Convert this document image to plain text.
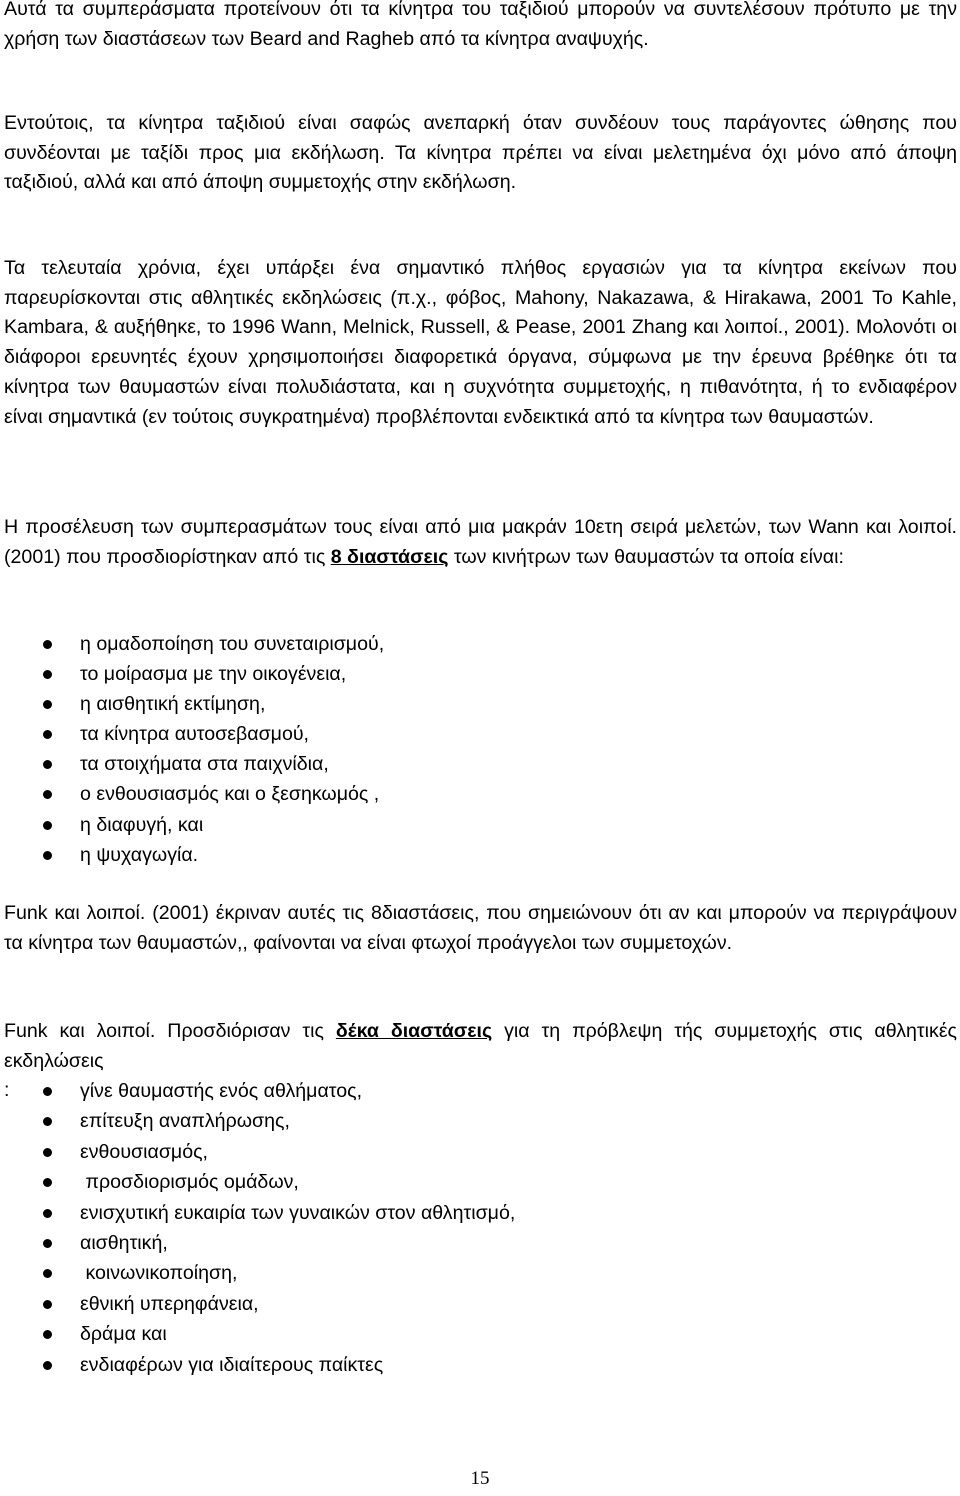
Αυτά τα συμπεράσματα προτείνουν ότι τα κίνητρα του ταξιδιού μπορούν να συντελέσουν πρότυπο με την χρήση των διαστάσεων των Beard and Ragheb από τα κίνητρα αναψυχής.

Εντούτοις, τα κίνητρα ταξιδιού είναι σαφώς ανεπαρκή όταν συνδέουν τους παράγοντες ώθησης που συνδέονται με ταξίδι προς μια εκδήλωση. Τα κίνητρα πρέπει να είναι μελετημένα όχι μόνο από άποψη ταξιδιού, αλλά και από άποψη συμμετοχής στην εκδήλωση.

Τα τελευταία χρόνια, έχει υπάρξει ένα σημαντικό πλήθος εργασιών για τα κίνητρα εκείνων που παρευρίσκονται στις αθλητικές εκδηλώσεις (π.χ., φόβος, Mahony, Nakazawa, & Hirakawa, 2001 To Kahle, Kambara, & αυξήθηκε, το 1996 Wann, Melnick, Russell, & Pease, 2001 Zhang και λοιποί., 2001). Μολονότι οι διάφοροι ερευνητές έχουν χρησιμοποιήσει διαφορετικά όργανα, σύμφωνα με την έρευνα βρέθηκε ότι τα κίνητρα των θαυμαστών είναι πολυδιάστατα, και η συχνότητα συμμετοχής, η πιθανότητα, ή το ενδιαφέρον είναι σημαντικά (εν τούτοις συγκρατημένα) προβλέπονται ενδεικτικά από τα κίνητρα των θαυμαστών.

Η προσέλευση των συμπερασμάτων τους είναι από μια μακράν 10ετη σειρά μελετών, των Wann και λοιποί. (2001) που προσδιορίστηκαν από τις 8 διαστάσεις των κινήτρων των θαυμαστών τα οποία είναι:

η ομαδοποίηση του συνεταιρισμού,
το μοίρασμα με την οικογένεια,
η αισθητική εκτίμηση,
τα κίνητρα αυτοσεβασμού,
τα στοιχήματα στα παιχνίδια,
ο ενθουσιασμός και ο ξεσηκωμός ,
η διαφυγή, και
η ψυχαγωγία.

Funk και λοιποί. (2001) έκριναν αυτές τις 8διαστάσεις, που σημειώνουν ότι αν και μπορούν να περιγράψουν τα κίνητρα των θαυμαστών,, φαίνονται να είναι φτωχοί προάγγελοι των συμμετοχών.

Funk και λοιποί. Προσδιόρισαν τις δέκα διαστάσεις για τη πρόβλεψη τής συμμετοχής στις αθλητικές εκδηλώσεις
:	γίνε θαυμαστής ενός αθλήματος,
επίτευξη αναπλήρωσης,
ενθουσιασμός,
προσδιορισμός ομάδων,
ενισχυτική ευκαιρία των γυναικών στον αθλητισμό,
αισθητική,
κοινωνικοποίηση,
εθνική υπερηφάνεια,
δράμα και
ενδιαφέρων για ιδιαίτερους παίκτες
15
